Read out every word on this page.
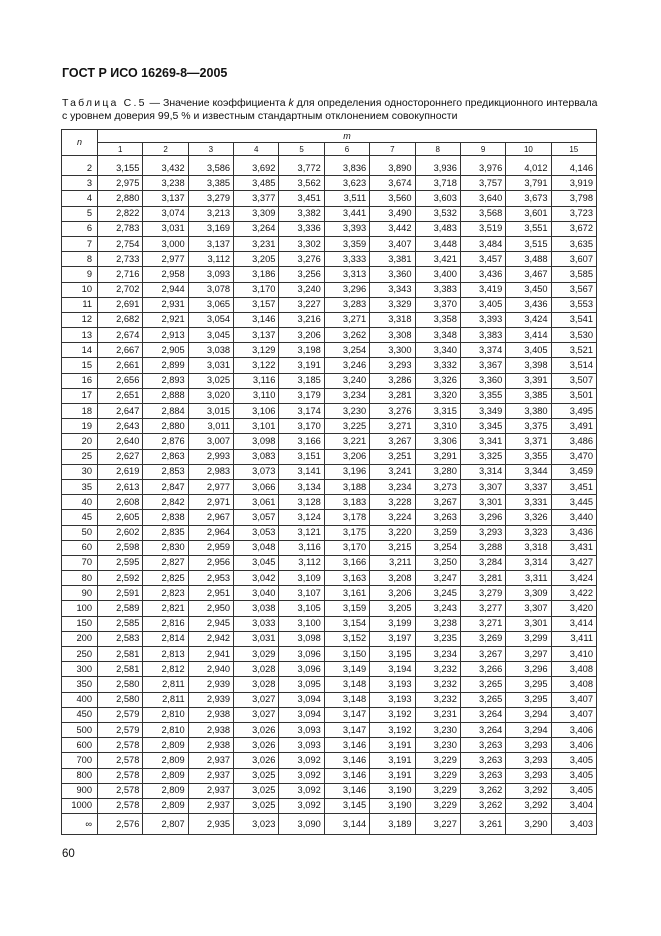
ГОСТ Р ИСО 16269-8—2005
Таблица C.5 — Значение коэффициента k для определения одностороннего предикционного интервала с уровнем доверия 99,5 % и известным стандартным отклонением совокупности
n	m										
	1	2	3	4	5	6	7	8	9	10	15
2	3,155	3,432	3,586	3,692	3,772	3,836	3,890	3,936	3,976	4,012	4,146
3	2,975	3,238	3,385	3,485	3,562	3,623	3,674	3,718	3,757	3,791	3,919
4	2,880	3,137	3,279	3,377	3,451	3,511	3,560	3,603	3,640	3,673	3,798
5	2,822	3,074	3,213	3,309	3,382	3,441	3,490	3,532	3,568	3,601	3,723
6	2,783	3,031	3,169	3,264	3,336	3,393	3,442	3,483	3,519	3,551	3,672
7	2,754	3,000	3,137	3,231	3,302	3,359	3,407	3,448	3,484	3,515	3,635
8	2,733	2,977	3,112	3,205	3,276	3,333	3,381	3,421	3,457	3,488	3,607
9	2,716	2,958	3,093	3,186	3,256	3,313	3,360	3,400	3,436	3,467	3,585
10	2,702	2,944	3,078	3,170	3,240	3,296	3,343	3,383	3,419	3,450	3,567
11	2,691	2,931	3,065	3,157	3,227	3,283	3,329	3,370	3,405	3,436	3,553
12	2,682	2,921	3,054	3,146	3,216	3,271	3,318	3,358	3,393	3,424	3,541
13	2,674	2,913	3,045	3,137	3,206	3,262	3,308	3,348	3,383	3,414	3,530
14	2,667	2,905	3,038	3,129	3,198	3,254	3,300	3,340	3,374	3,405	3,521
15	2,661	2,899	3,031	3,122	3,191	3,246	3,293	3,332	3,367	3,398	3,514
16	2,656	2,893	3,025	3,116	3,185	3,240	3,286	3,326	3,360	3,391	3,507
17	2,651	2,888	3,020	3,110	3,179	3,234	3,281	3,320	3,355	3,385	3,501
18	2,647	2,884	3,015	3,106	3,174	3,230	3,276	3,315	3,349	3,380	3,495
19	2,643	2,880	3,011	3,101	3,170	3,225	3,271	3,310	3,345	3,375	3,491
20	2,640	2,876	3,007	3,098	3,166	3,221	3,267	3,306	3,341	3,371	3,486
25	2,627	2,863	2,993	3,083	3,151	3,206	3,251	3,291	3,325	3,355	3,470
30	2,619	2,853	2,983	3,073	3,141	3,196	3,241	3,280	3,314	3,344	3,459
35	2,613	2,847	2,977	3,066	3,134	3,188	3,234	3,273	3,307	3,337	3,451
40	2,608	2,842	2,971	3,061	3,128	3,183	3,228	3,267	3,301	3,331	3,445
45	2,605	2,838	2,967	3,057	3,124	3,178	3,224	3,263	3,296	3,326	3,440
50	2,602	2,835	2,964	3,053	3,121	3,175	3,220	3,259	3,293	3,323	3,436
60	2,598	2,830	2,959	3,048	3,116	3,170	3,215	3,254	3,288	3,318	3,431
70	2,595	2,827	2,956	3,045	3,112	3,166	3,211	3,250	3,284	3,314	3,427
80	2,592	2,825	2,953	3,042	3,109	3,163	3,208	3,247	3,281	3,311	3,424
90	2,591	2,823	2,951	3,040	3,107	3,161	3,206	3,245	3,279	3,309	3,422
100	2,589	2,821	2,950	3,038	3,105	3,159	3,205	3,243	3,277	3,307	3,420
150	2,585	2,816	2,945	3,033	3,100	3,154	3,199	3,238	3,271	3,301	3,414
200	2,583	2,814	2,942	3,031	3,098	3,152	3,197	3,235	3,269	3,299	3,411
250	2,581	2,813	2,941	3,029	3,096	3,150	3,195	3,234	3,267	3,297	3,410
300	2,581	2,812	2,940	3,028	3,096	3,149	3,194	3,232	3,266	3,296	3,408
350	2,580	2,811	2,939	3,028	3,095	3,148	3,193	3,232	3,265	3,295	3,408
400	2,580	2,811	2,939	3,027	3,094	3,148	3,193	3,232	3,265	3,295	3,407
450	2,579	2,810	2,938	3,027	3,094	3,147	3,192	3,231	3,264	3,294	3,407
500	2,579	2,810	2,938	3,026	3,093	3,147	3,192	3,230	3,264	3,294	3,406
600	2,578	2,809	2,938	3,026	3,093	3,146	3,191	3,230	3,263	3,293	3,406
700	2,578	2,809	2,937	3,026	3,092	3,146	3,191	3,229	3,263	3,293	3,405
800	2,578	2,809	2,937	3,025	3,092	3,146	3,191	3,229	3,263	3,293	3,405
900	2,578	2,809	2,937	3,025	3,092	3,146	3,190	3,229	3,262	3,292	3,405
1000	2,578	2,809	2,937	3,025	3,092	3,145	3,190	3,229	3,262	3,292	3,404
∞	2,576	2,807	2,935	3,023	3,090	3,144	3,189	3,227	3,261	3,290	3,403
60
